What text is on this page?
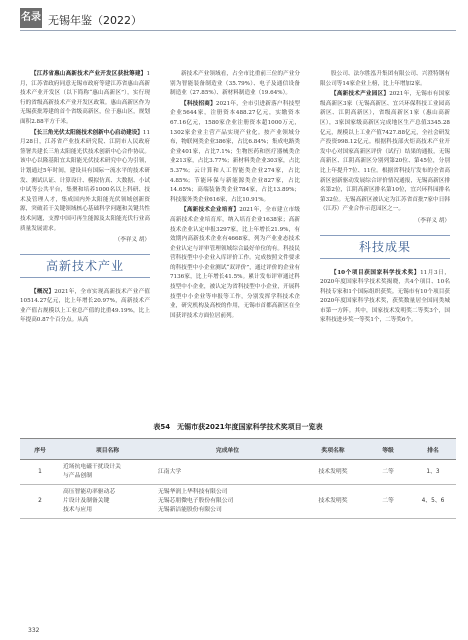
名录 无锡年鉴（2022）

【江苏省惠山高新技术产业开发区获批筹建】1月，江苏省政府同意无锡市政府等建江苏省惠山高新技术产业开发区（以下简称“惠山高新区”），实行现行的省级高新技术产业开发区政策。惠山高新区作为无锡获批筹建的首个省级高新区，位于惠山区，规划面积2.88平方千米。

【长三角光伏太阳能技术创新中心启动建设】11月28日，江苏省产业技术研究院、江阴市人民政府签署共建长三角太阳能光伏技术创新中心合作协议。该中心以隆基阳宜太阳能光伏技术研究中心为引领，计划通过5年时间，建设具有国际一流水平的技术研发、测试认证、计算设计、模拟仿真、大数据、小试中试等公共平台，集聚和培养1000名以上科研、技术及管理人才，集成国内外太阳能光伏领域创新资源，突破若干关键领域核心基础科学问题和关键共性技术问题，支撑中国可再生能源及太阳能光伏行业高质量发展需求。

（李祥义 胡）

高新技术产业

【概况】2021年，全市实现高新技术产业产值10514.27亿元，比上年增长20.97%，高新技术产业产值占规模以上工业总产值的比重49.19%，比上年提高0.87个百分点。从高

新技术产业领域看，占全市比重前三位的产业分别为智能装备制造业（35.79%）、电子及通信设备制造业（27.85%）、新材料制造业（19.64%）。

【科技招商】2021年，全市引进新落户科技型企业5644家，注册资本488.27亿元，实缴资本67.16亿元，1580家企业注册资本超1000万元，1302家企业主营产品实现产业化。按产业领域分布，物联网类企业386家，占比6.84%；集成电路类企业401家，占比7.1%；生物医药和医疗器械类企业213家，占比3.77%；新材料类企业303家，占比5.37%；云计算和人工智能类企业274家，占比4.85%；节能环保与新能源类企业827家，占比14.65%；高端装备类企业784家，占比13.89%；科技服务类企业616家，占比10.91%。

【高新技术企业培育】2021年，全市建立市级高新技术企业培育库，纳入培育企业1638家；高新技术企业认定申报3297家，比上年增长21.9%，有效期内高新技术企业有4668家，列为产业业态技术企业认定与评审管理领域综合最好单位的有。科技民营科技型中小企业入库评价工作。完成按照文件要求的科技型中小企业测试“双评价”，通过评价的企业有7136家，比上年增长41.5%。累计发布评审通过科技型中小企业，被认定为省科技型中小企业，开展科技型中小企业等申报等工作，分别发挥学科技术企业，研究机构及高校的作用，无锡市首都高新区在全国获评技术方面位居前列。

股公司、法尔胜泓升集团有限公司、兴澄特钢有限公司等14家企业上榜，比上年增加2家。

【高新技术产业园区】2021年，无锡市有国家级高新区3家（无锡高新区、宜兴环保科技工业园高新区、江阴高新区），省级高新区1家（惠山高新区），3家国家级高新区完成地区生产总值3345.28亿元，规模以上工业产值7427.88亿元，全社会研发产投资998.12亿元。根据科技部火炬高技术产业开发中心对国家高新区评价（试行）结果的通报，无锡高新区、江阴高新区分别列第20位、第45位，分别比上年提升7位、11位。根据省科技厅发布的全省高新区创新驱动发展综合评价情况通报，无锡高新区排名第2位，江阴高新区排名第10位，宜兴环科园排名第32位。无锡高新区被认定为江苏省首批7家中日韩（江苏）产业合作示范园区之一。

（李祥义 胡）

科技成果

【10个项目获国家科学技术奖】11月3日，2020年度国家科学技术奖揭晓，共4个项目、10名科技专家和1个国际组织获奖。无锡市有10个项目获2020年度国家科学技术奖，获奖数量居全国同类城市第一方阵。其中，国家技术发明奖二等奖3个，国家科技进步奖一等奖1个，二等奖6个。

表54　无锡市获2021年度国家科学技术奖项目一览表
序号	项目名称	完成单位	奖项名称	等级	排名
1	近场抗电磁干扰设计关
与产品创制	江南大学	技术发明奖	二等	1、3
2	高压智能功率驱动芯
片设计及制备关键
技术与应用	无锡华润上华科技有限公司
无锡芯朋微电子股份有限公司
无锡新洁能股份有限公司	技术发明奖	二等	4、5、6
332
